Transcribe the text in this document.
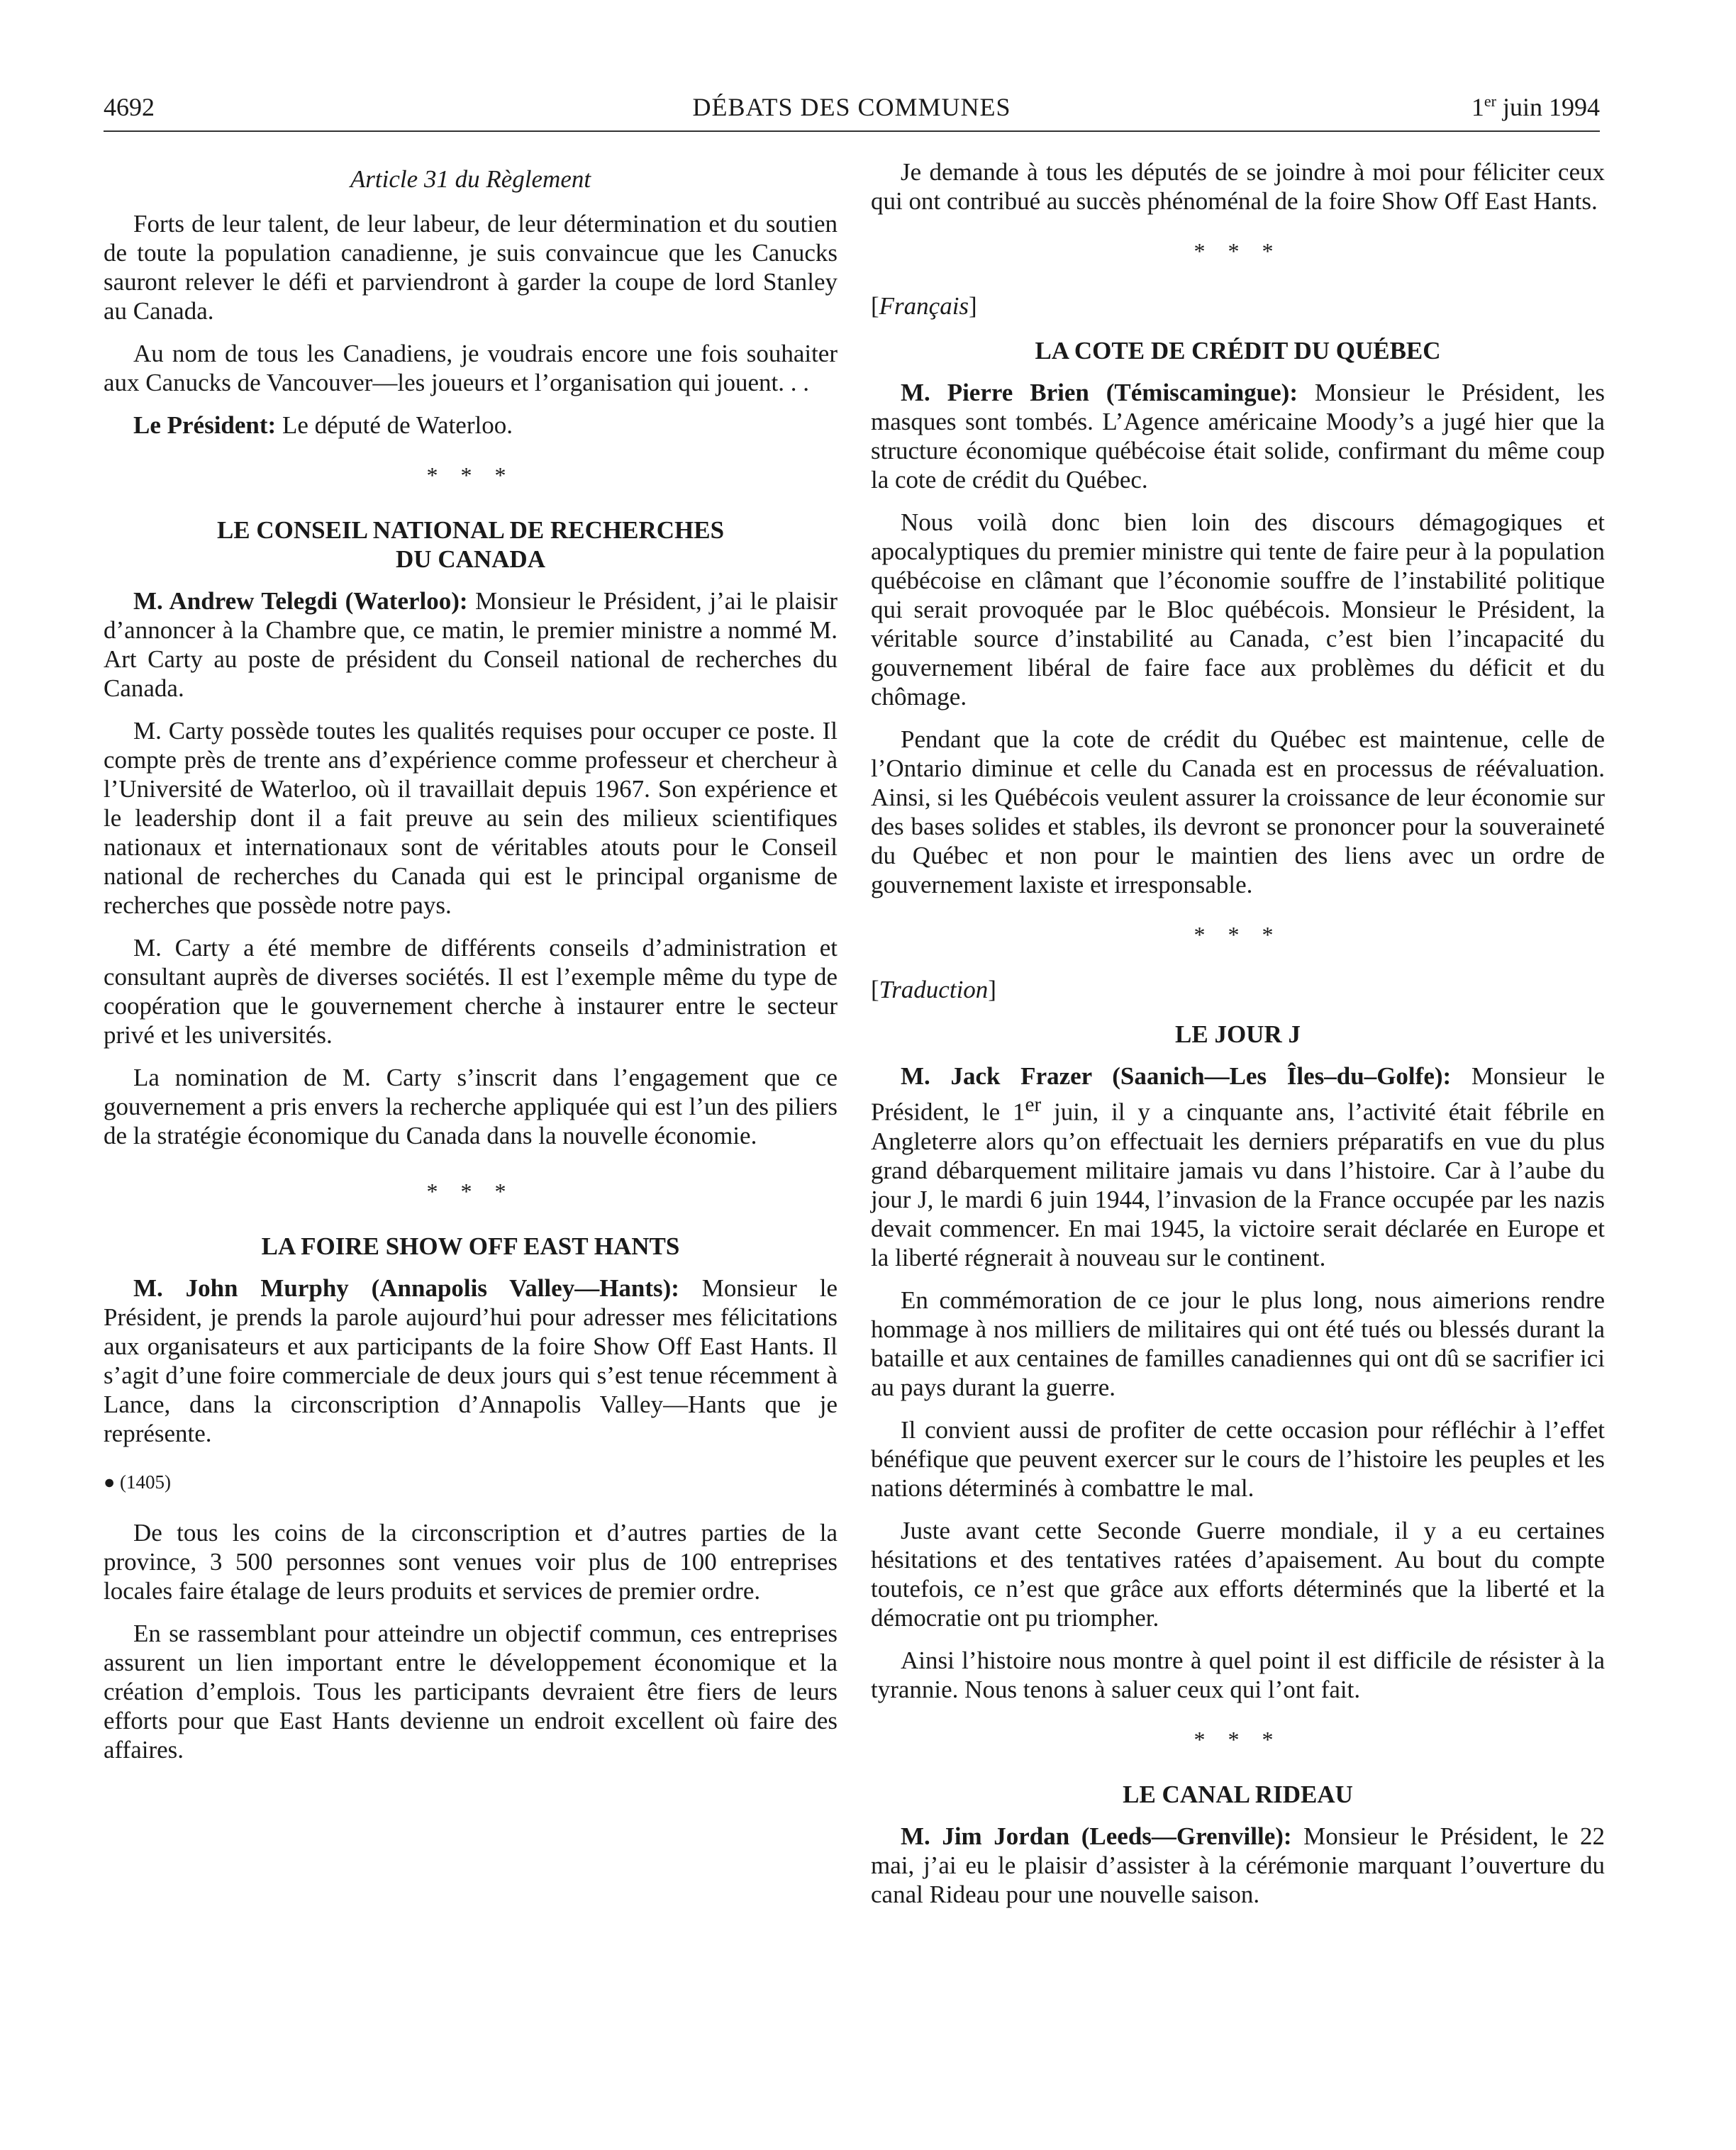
4692	DÉBATS DES COMMUNES	1er juin 1994
Article 31 du Règlement

Forts de leur talent, de leur labeur, de leur détermination et du soutien de toute la population canadienne, je suis convaincue que les Canucks sauront relever le défi et parviendront à garder la coupe de lord Stanley au Canada.

Au nom de tous les Canadiens, je voudrais encore une fois souhaiter aux Canucks de Vancouver—les joueurs et l’organisation qui jouent. . .

Le Président: Le député de Waterloo.

* * *
LE CONSEIL NATIONAL DE RECHERCHES
DU CANADA

M. Andrew Telegdi (Waterloo): Monsieur le Président, j’ai le plaisir d’annoncer à la Chambre que, ce matin, le premier ministre a nommé M. Art Carty au poste de président du Conseil national de recherches du Canada.

M. Carty possède toutes les qualités requises pour occuper ce poste. Il compte près de trente ans d’expérience comme professeur et chercheur à l’Université de Waterloo, où il travaillait depuis 1967. Son expérience et le leadership dont il a fait preuve au sein des milieux scientifiques nationaux et internationaux sont de véritables atouts pour le Conseil national de recherches du Canada qui est le principal organisme de recherches que possède notre pays.

M. Carty a été membre de différents conseils d’administration et consultant auprès de diverses sociétés. Il est l’exemple même du type de coopération que le gouvernement cherche à instaurer entre le secteur privé et les universités.

La nomination de M. Carty s’inscrit dans l’engagement que ce gouvernement a pris envers la recherche appliquée qui est l’un des piliers de la stratégie économique du Canada dans la nouvelle économie.

* * *
LA FOIRE SHOW OFF EAST HANTS

M. John Murphy (Annapolis Valley—Hants): Monsieur le Président, je prends la parole aujourd’hui pour adresser mes félicitations aux organisateurs et aux participants de la foire Show Off East Hants. Il s’agit d’une foire commerciale de deux jours qui s’est tenue récemment à Lance, dans la circonscription d’Annapolis Valley—Hants que je représente.

● (1405)

De tous les coins de la circonscription et d’autres parties de la province, 3 500 personnes sont venues voir plus de 100 entreprises locales faire étalage de leurs produits et services de premier ordre.

En se rassemblant pour atteindre un objectif commun, ces entreprises assurent un lien important entre le développement économique et la création d’emplois. Tous les participants devraient être fiers de leurs efforts pour que East Hants devienne un endroit excellent où faire des affaires.

Je demande à tous les députés de se joindre à moi pour féliciter ceux qui ont contribué au succès phénoménal de la foire Show Off East Hants.

* * *
[Français]
LA COTE DE CRÉDIT DU QUÉBEC

M. Pierre Brien (Témiscamingue): Monsieur le Président, les masques sont tombés. L’Agence américaine Moody’s a jugé hier que la structure économique québécoise était solide, confirmant du même coup la cote de crédit du Québec.

Nous voilà donc bien loin des discours démagogiques et apocalyptiques du premier ministre qui tente de faire peur à la population québécoise en clâmant que l’économie souffre de l’instabilité politique qui serait provoquée par le Bloc québécois. Monsieur le Président, la véritable source d’instabilité au Canada, c’est bien l’incapacité du gouvernement libéral de faire face aux problèmes du déficit et du chômage.

Pendant que la cote de crédit du Québec est maintenue, celle de l’Ontario diminue et celle du Canada est en processus de réévaluation. Ainsi, si les Québécois veulent assurer la croissance de leur économie sur des bases solides et stables, ils devront se prononcer pour la souveraineté du Québec et non pour le maintien des liens avec un ordre de gouvernement laxiste et irresponsable.

* * *
[Traduction]
LE JOUR J

M. Jack Frazer (Saanich—Les Îles–du–Golfe): Monsieur le Président, le 1er juin, il y a cinquante ans, l’activité était fébrile en Angleterre alors qu’on effectuait les derniers préparatifs en vue du plus grand débarquement militaire jamais vu dans l’histoire. Car à l’aube du jour J, le mardi 6 juin 1944, l’invasion de la France occupée par les nazis devait commencer. En mai 1945, la victoire serait déclarée en Europe et la liberté régnerait à nouveau sur le continent.

En commémoration de ce jour le plus long, nous aimerions rendre hommage à nos milliers de militaires qui ont été tués ou blessés durant la bataille et aux centaines de familles canadiennes qui ont dû se sacrifier ici au pays durant la guerre.

Il convient aussi de profiter de cette occasion pour réfléchir à l’effet bénéfique que peuvent exercer sur le cours de l’histoire les peuples et les nations déterminés à combattre le mal.

Juste avant cette Seconde Guerre mondiale, il y a eu certaines hésitations et des tentatives ratées d’apaisement. Au bout du compte toutefois, ce n’est que grâce aux efforts déterminés que la liberté et la démocratie ont pu triompher.

Ainsi l’histoire nous montre à quel point il est difficile de résister à la tyrannie. Nous tenons à saluer ceux qui l’ont fait.

* * *
LE CANAL RIDEAU

M. Jim Jordan (Leeds—Grenville): Monsieur le Président, le 22 mai, j’ai eu le plaisir d’assister à la cérémonie marquant l’ouverture du canal Rideau pour une nouvelle saison.
